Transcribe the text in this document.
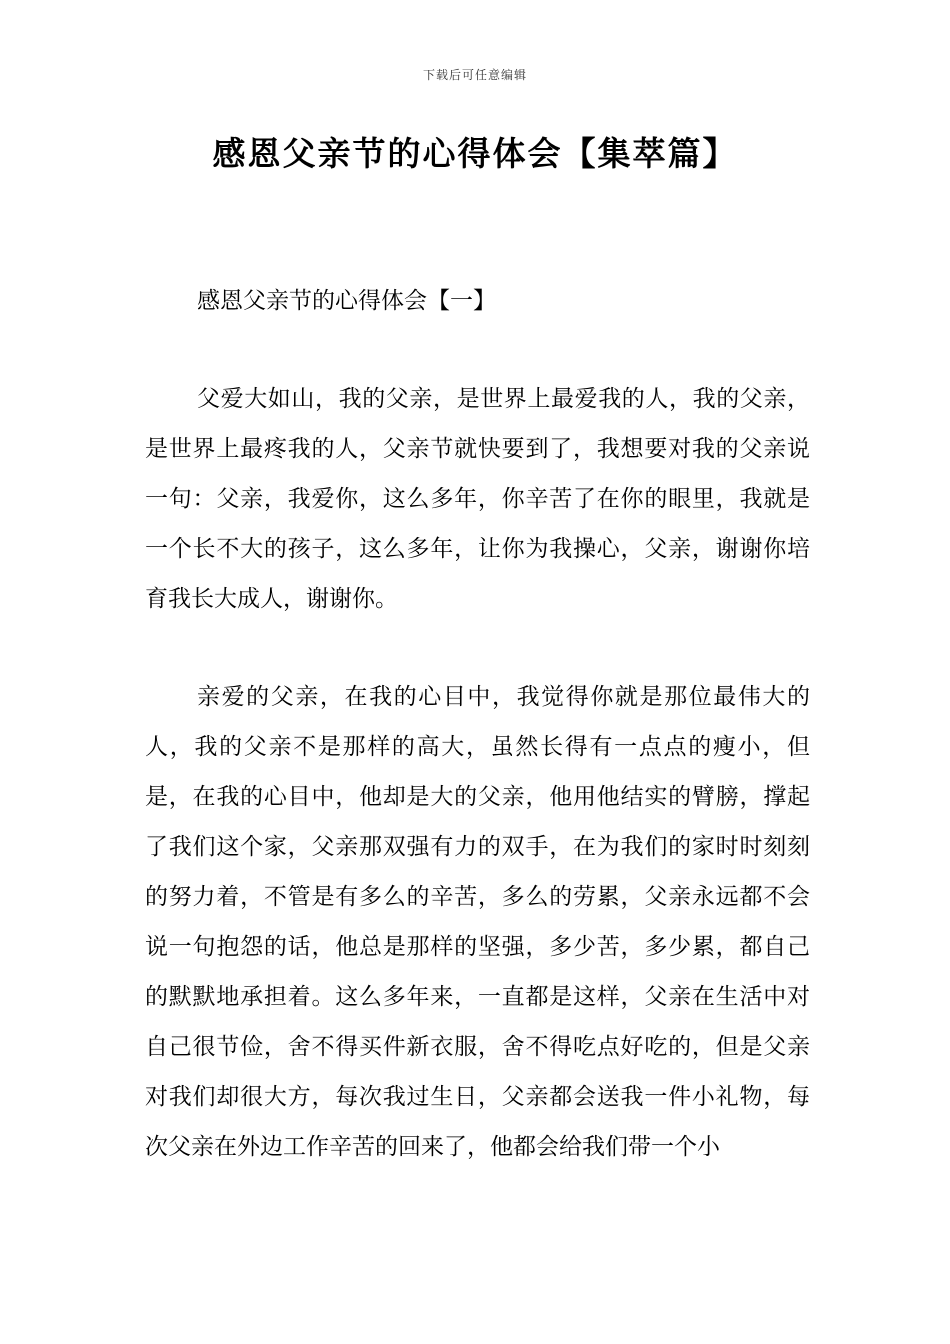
下载后可任意编辑
感恩父亲节的心得体会【集萃篇】
感恩父亲节的心得体会【一】

父爱大如山，我的父亲，是世界上最爱我的人，我的父亲，是世界上最疼我的人，父亲节就快要到了，我想要对我的父亲说一句：父亲，我爱你，这么多年，你辛苦了在你的眼里，我就是一个长不大的孩子，这么多年，让你为我操心，父亲，谢谢你培育我长大成人，谢谢你。

亲爱的父亲，在我的心目中，我觉得你就是那位最伟大的人，我的父亲不是那样的高大，虽然长得有一点点的瘦小，但是，在我的心目中，他却是大的父亲，他用他结实的臂膀，撑起了我们这个家，父亲那双强有力的双手，在为我们的家时时刻刻的努力着，不管是有多么的辛苦，多么的劳累，父亲永远都不会说一句抱怨的话，他总是那样的坚强，多少苦，多少累，都自己的默默地承担着。这么多年来，一直都是这样，父亲在生活中对自己很节俭，舍不得买件新衣服，舍不得吃点好吃的，但是父亲对我们却很大方，每次我过生日，父亲都会送我一件小礼物，每次父亲在外边工作辛苦的回来了，他都会给我们带一个小
